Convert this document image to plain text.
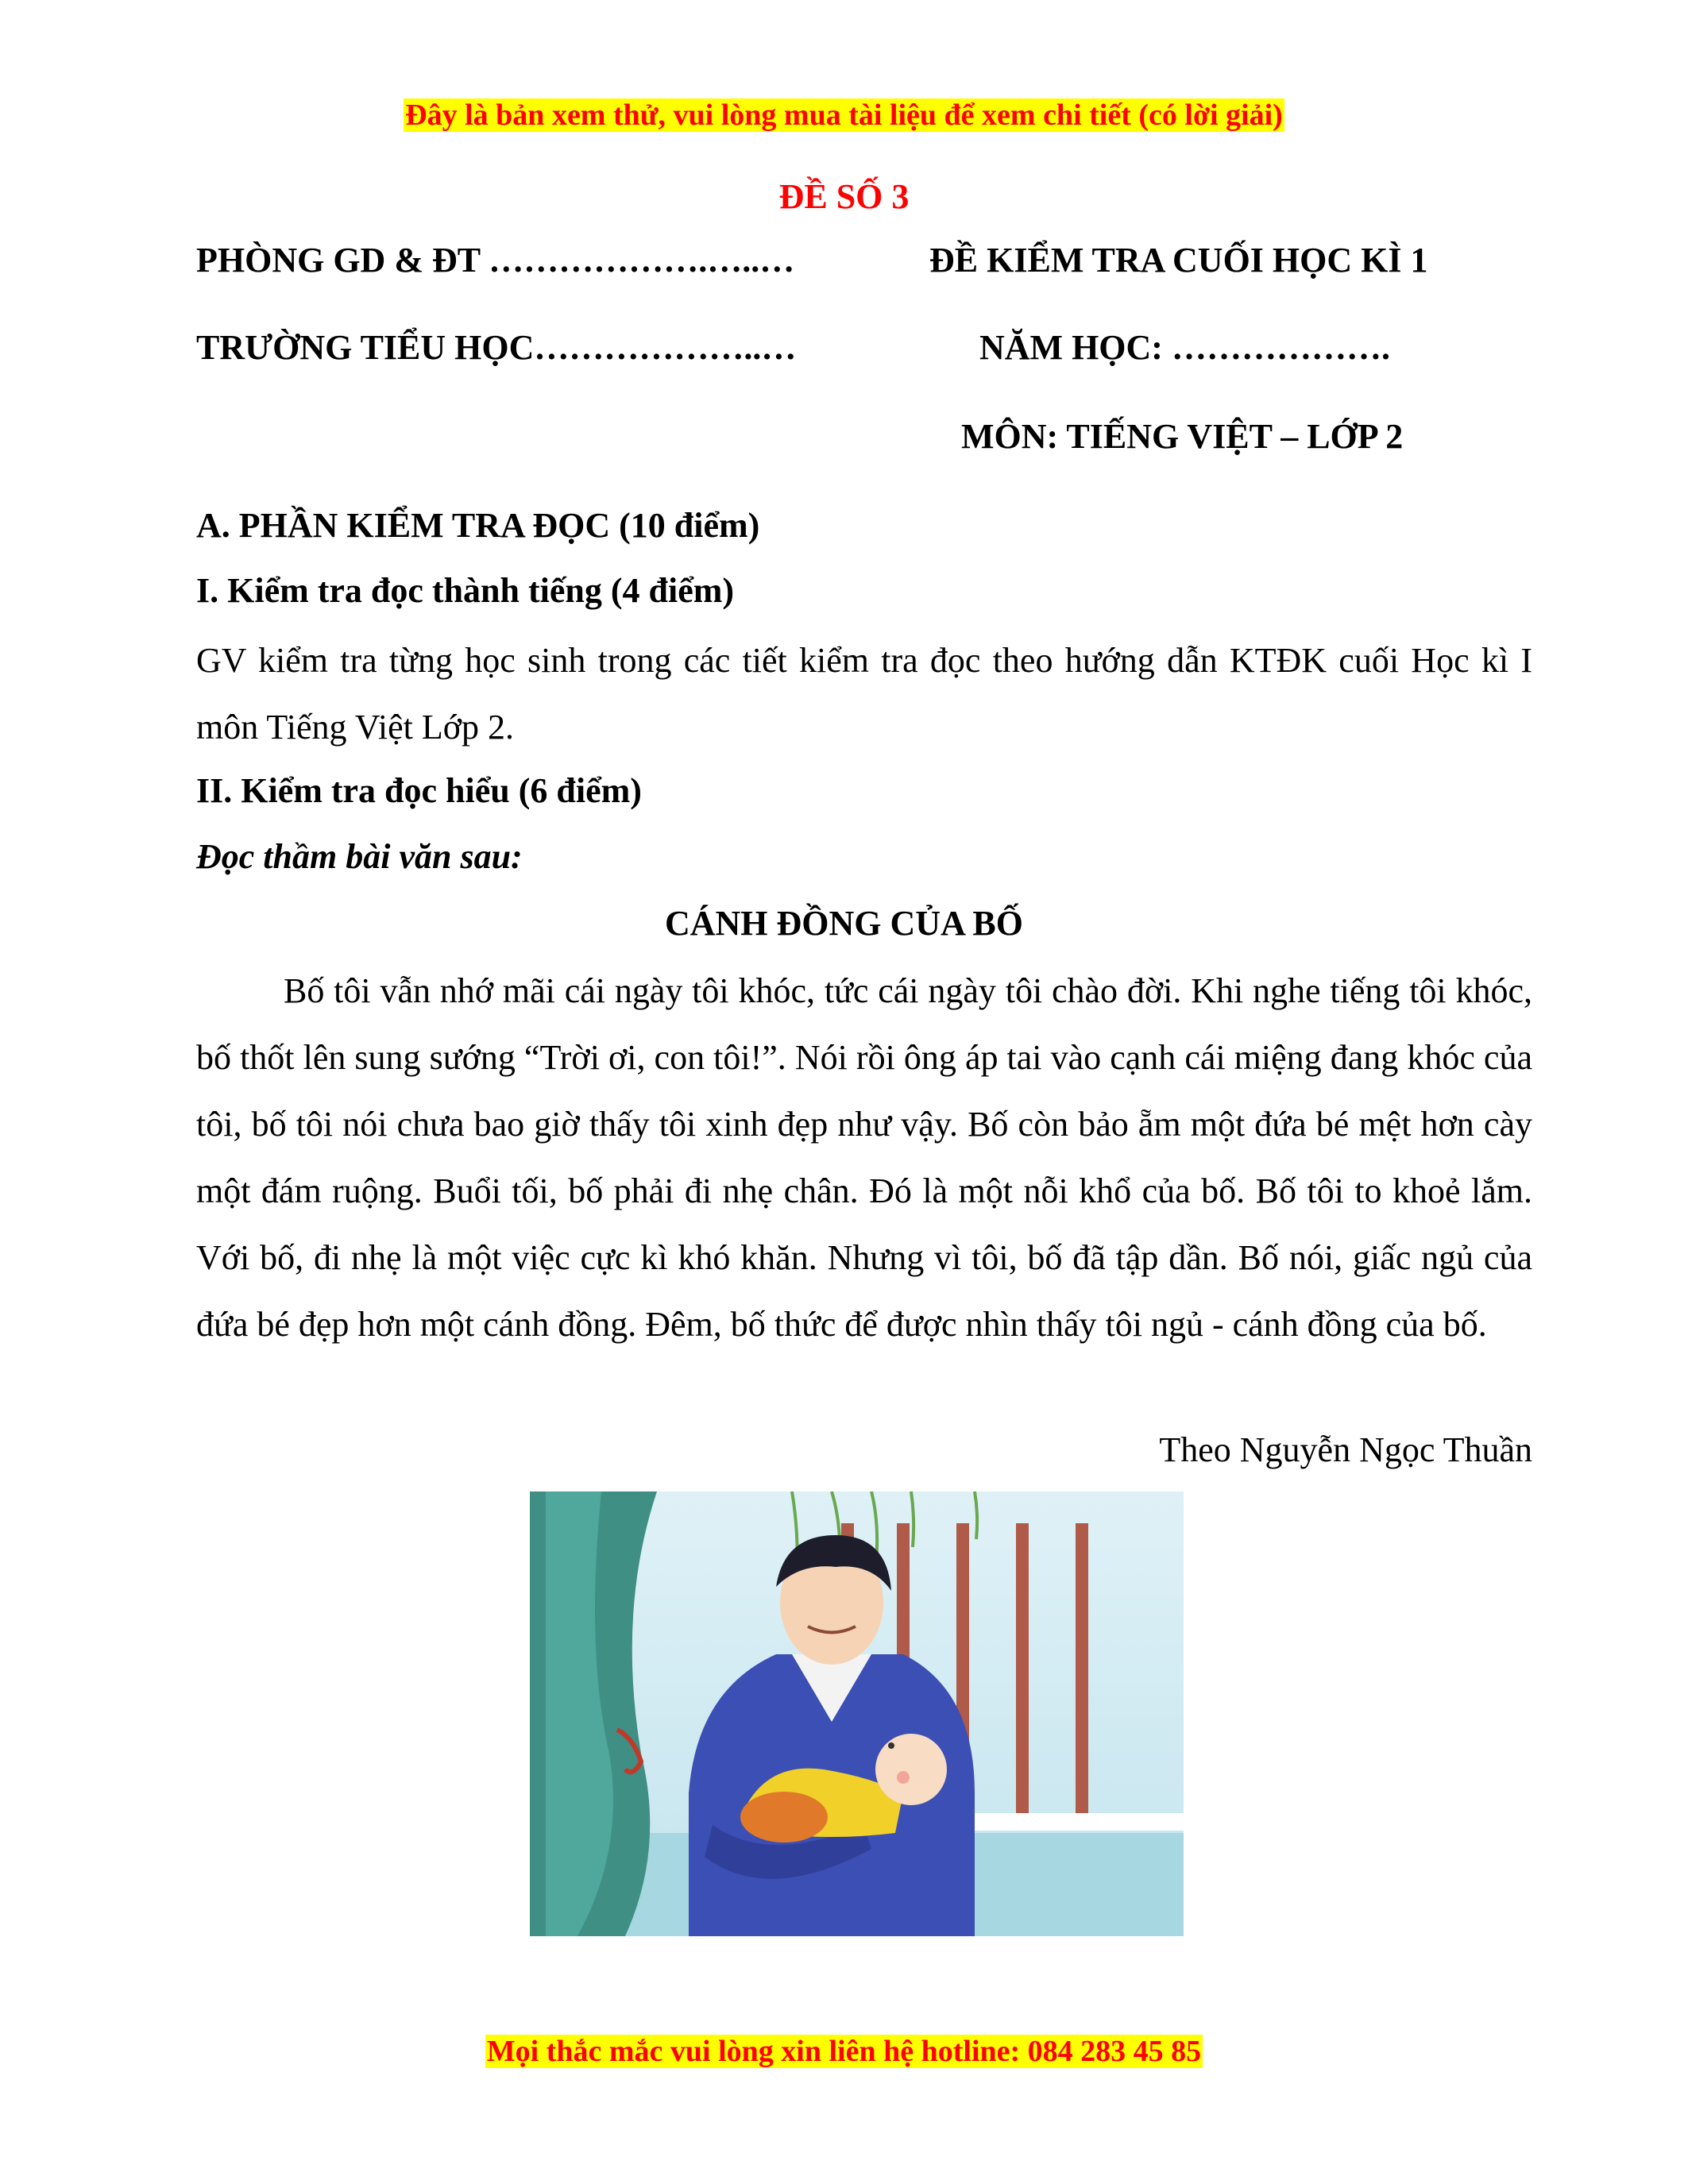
Đây là bản xem thử, vui lòng mua tài liệu để xem chi tiết (có lời giải)
ĐỀ SỐ 3
PHÒNG GD & ĐT ……………….…..…	ĐỀ KIỂM TRA CUỐI HỌC KÌ 1
TRƯỜNG TIỂU HỌC………………..…	NĂM HỌC: ……………….
MÔN: TIẾNG VIỆT – LỚP 2
A. PHẦN KIỂM TRA ĐỌC (10 điểm)
I. Kiểm tra đọc thành tiếng (4 điểm)
GV kiểm tra từng học sinh trong các tiết kiểm tra đọc theo hướng dẫn KTĐK cuối Học kì I môn Tiếng Việt Lớp 2.
II. Kiểm tra đọc hiểu (6 điểm)
Đọc thầm bài văn sau:
CÁNH ĐỒNG CỦA BỐ
Bố tôi vẫn nhớ mãi cái ngày tôi khóc, tức cái ngày tôi chào đời. Khi nghe tiếng tôi khóc, bố thốt lên sung sướng “Trời ơi, con tôi!”. Nói rồi ông áp tai vào cạnh cái miệng đang khóc của tôi, bố tôi nói chưa bao giờ thấy tôi xinh đẹp như vậy. Bố còn bảo ẵm một đứa bé mệt hơn cày một đám ruộng. Buổi tối, bố phải đi nhẹ chân. Đó là một nỗi khổ của bố. Bố tôi to khoẻ lắm. Với bố, đi nhẹ là một việc cực kì khó khăn. Nhưng vì tôi, bố đã tập dần. Bố nói, giấc ngủ của đứa bé đẹp hơn một cánh đồng. Đêm, bố thức để được nhìn thấy tôi ngủ - cánh đồng của bố.
Theo Nguyễn Ngọc Thuần
Mọi thắc mắc vui lòng xin liên hệ hotline: 084 283 45 85
